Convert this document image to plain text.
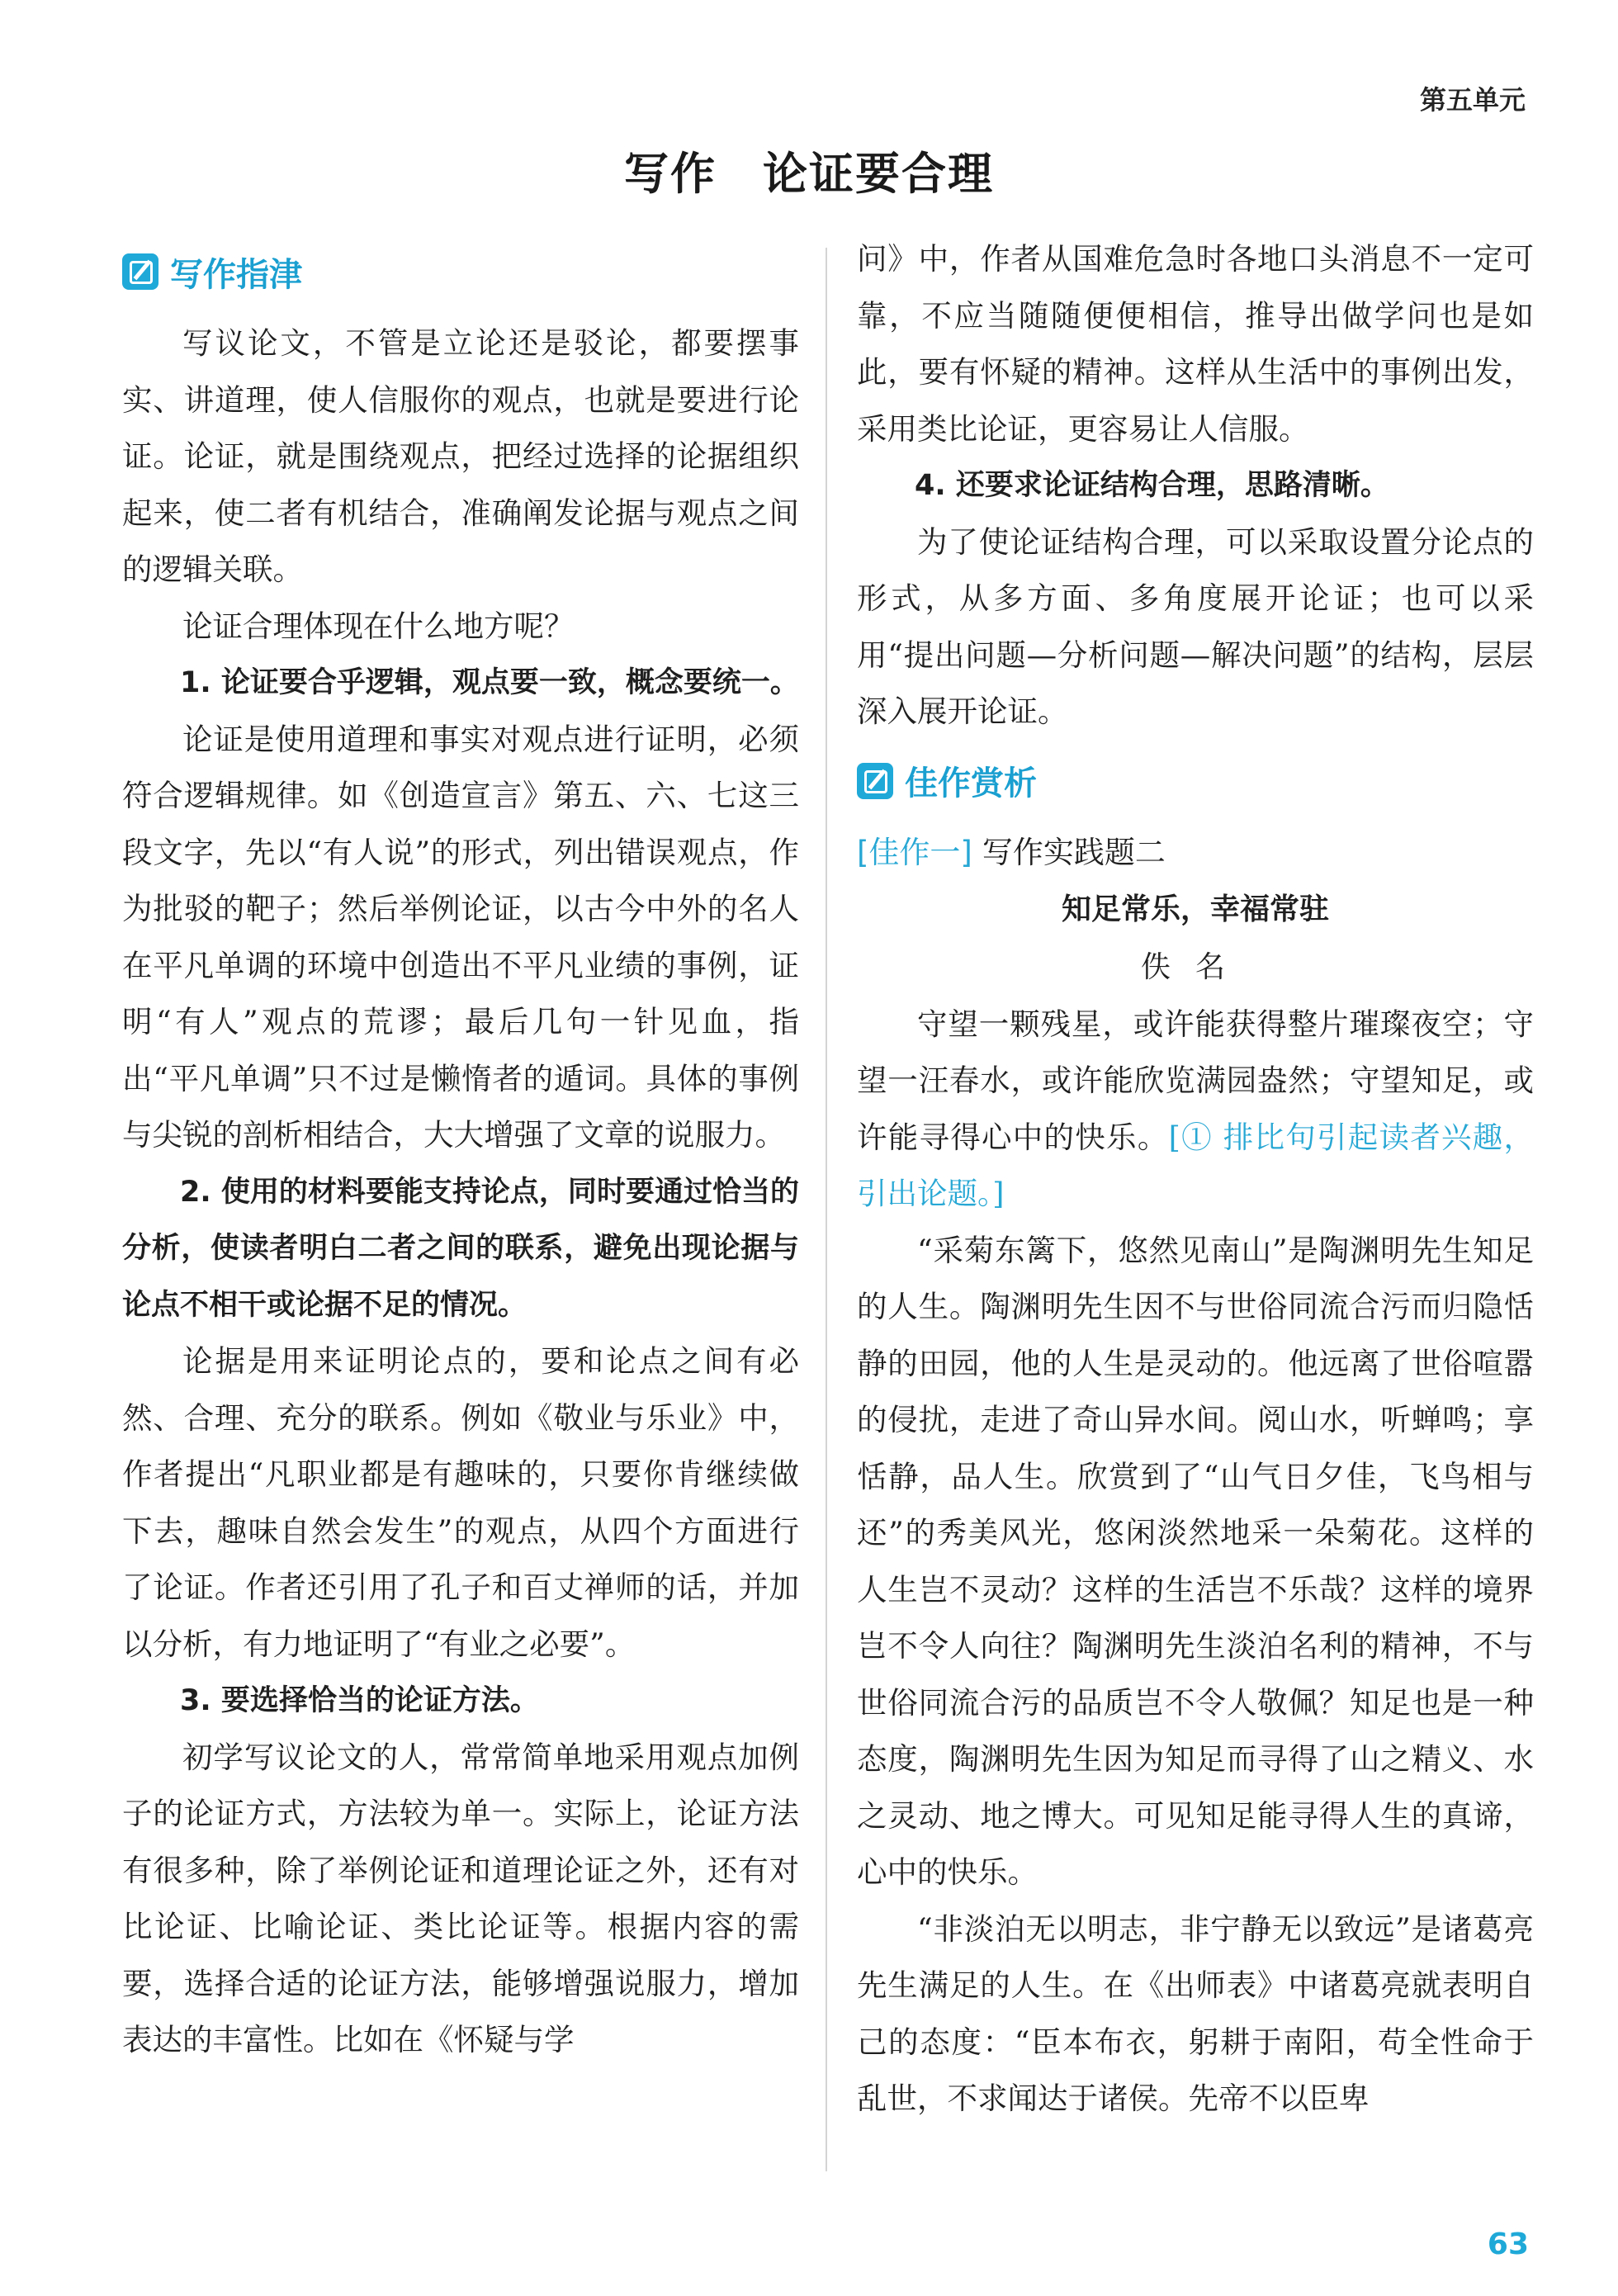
第五单元
写作　论证要合理
写作指津

写议论文，不管是立论还是驳论，都要摆事实、讲道理，使人信服你的观点，也就是要进行论证。论证，就是围绕观点，把经过选择的论据组织起来，使二者有机结合，准确阐发论据与观点之间的逻辑关联。

论证合理体现在什么地方呢？

1. 论证要合乎逻辑，观点要一致，概念要统一。

论证是使用道理和事实对观点进行证明，必须符合逻辑规律。如《创造宣言》第五、六、七这三段文字，先以“有人说”的形式，列出错误观点，作为批驳的靶子；然后举例论证，以古今中外的名人在平凡单调的环境中创造出不平凡业绩的事例，证明“有人”观点的荒谬；最后几句一针见血，指出“平凡单调”只不过是懒惰者的遁词。具体的事例与尖锐的剖析相结合，大大增强了文章的说服力。

2. 使用的材料要能支持论点，同时要通过恰当的分析，使读者明白二者之间的联系，避免出现论据与论点不相干或论据不足的情况。

论据是用来证明论点的，要和论点之间有必然、合理、充分的联系。例如《敬业与乐业》中，作者提出“凡职业都是有趣味的，只要你肯继续做下去，趣味自然会发生”的观点，从四个方面进行了论证。作者还引用了孔子和百丈禅师的话，并加以分析，有力地证明了“有业之必要”。

3. 要选择恰当的论证方法。

初学写议论文的人，常常简单地采用观点加例子的论证方式，方法较为单一。实际上，论证方法有很多种，除了举例论证和道理论证之外，还有对比论证、比喻论证、类比论证等。根据内容的需要，选择合适的论证方法，能够增强说服力，增加表达的丰富性。比如在《怀疑与学

问》中，作者从国难危急时各地口头消息不一定可靠，不应当随随便便相信，推导出做学问也是如此，要有怀疑的精神。这样从生活中的事例出发，采用类比论证，更容易让人信服。

4. 还要求论证结构合理，思路清晰。

为了使论证结构合理，可以采取设置分论点的形式，从多方面、多角度展开论证；也可以采用“提出问题—分析问题—解决问题”的结构，层层深入展开论证。

佳作赏析
[佳作一] 写作实践题二
知足常乐，幸福常驻
佚名

守望一颗残星，或许能获得整片璀璨夜空；守望一汪春水，或许能欣览满园盎然；守望知足，或许能寻得心中的快乐。[① 排比句引起读者兴趣，引出论题。]

“采菊东篱下，悠然见南山”是陶渊明先生知足的人生。陶渊明先生因不与世俗同流合污而归隐恬静的田园，他的人生是灵动的。他远离了世俗喧嚣的侵扰，走进了奇山异水间。阅山水，听蝉鸣；享恬静，品人生。欣赏到了“山气日夕佳，飞鸟相与还”的秀美风光，悠闲淡然地采一朵菊花。这样的人生岂不灵动？这样的生活岂不乐哉？这样的境界岂不令人向往？陶渊明先生淡泊名利的精神，不与世俗同流合污的品质岂不令人敬佩？知足也是一种态度，陶渊明先生因为知足而寻得了山之精义、水之灵动、地之博大。可见知足能寻得人生的真谛，心中的快乐。

“非淡泊无以明志，非宁静无以致远”是诸葛亮先生满足的人生。在《出师表》中诸葛亮就表明自己的态度：“臣本布衣，躬耕于南阳，苟全性命于乱世，不求闻达于诸侯。先帝不以臣卑

63
